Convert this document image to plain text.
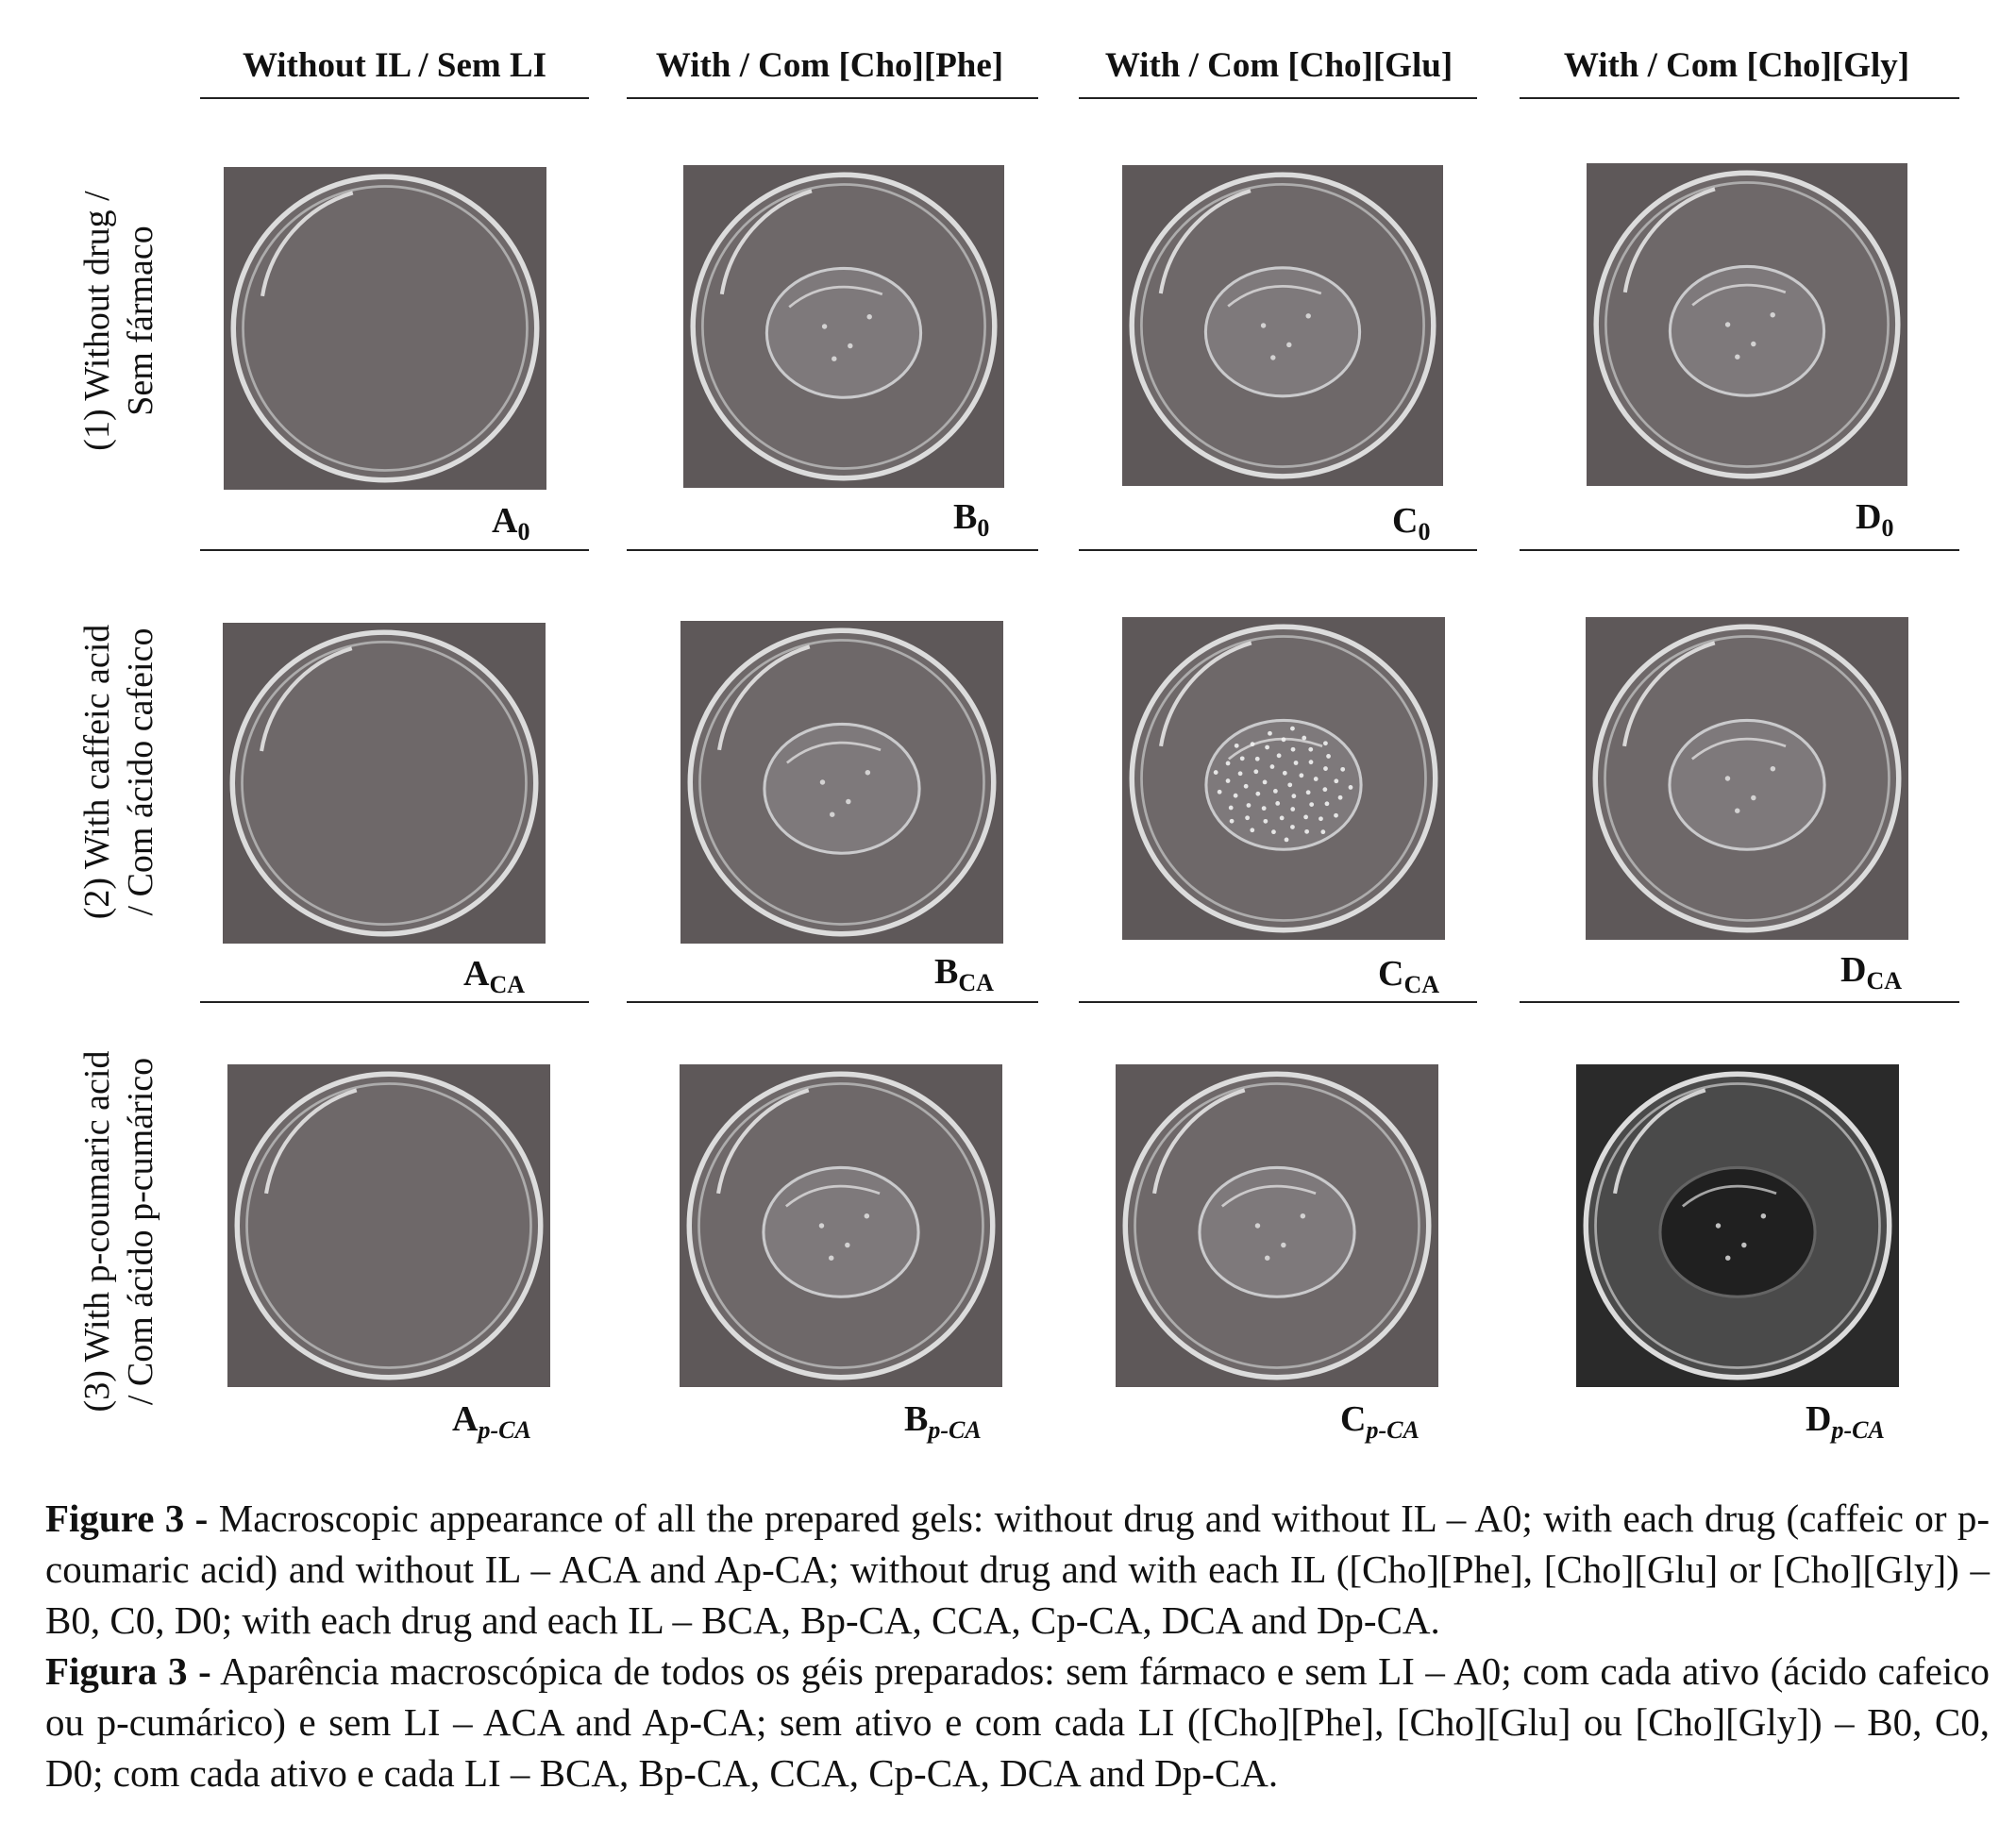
Without IL / Sem LI	With / Com [Cho][Phe]	With / Com [Cho][Glu]	With / Com [Cho][Gly]
(1) Without drug / Sem fármaco
(2) With caffeic acid / Com ácido cafeico
(3) With p-coumaric acid / Com ácido p-cumárico
$A_0$	$B_0$	$C_0$	$D_0$
$A_{CA}$	$B_{CA}$	$C_{CA}$	$D_{CA}$
$A_{p-CA}$	$B_{p-CA}$	$C_{p-CA}$	$D_{p-CA}$

Figure 3 - Macroscopic appearance of all the prepared gels: without drug and without IL – A0; with each drug (caffeic or p-coumaric acid) and without IL – ACA and Ap-CA; without drug and with each IL ([Cho][Phe], [Cho][Glu] or [Cho][Gly]) – B0, C0, D0; with each drug and each IL – BCA, Bp-CA, CCA, Cp-CA, DCA and Dp-CA.

Figura 3 - Aparência macroscópica de todos os géis preparados: sem fármaco e sem LI – A0; com cada ativo (ácido cafeico ou p-cumárico) e sem LI – ACA and Ap-CA; sem ativo e com cada LI ([Cho][Phe], [Cho][Glu] ou [Cho][Gly]) – B0, C0, D0; com cada ativo e cada LI – BCA, Bp-CA, CCA, Cp-CA, DCA and Dp-CA.
